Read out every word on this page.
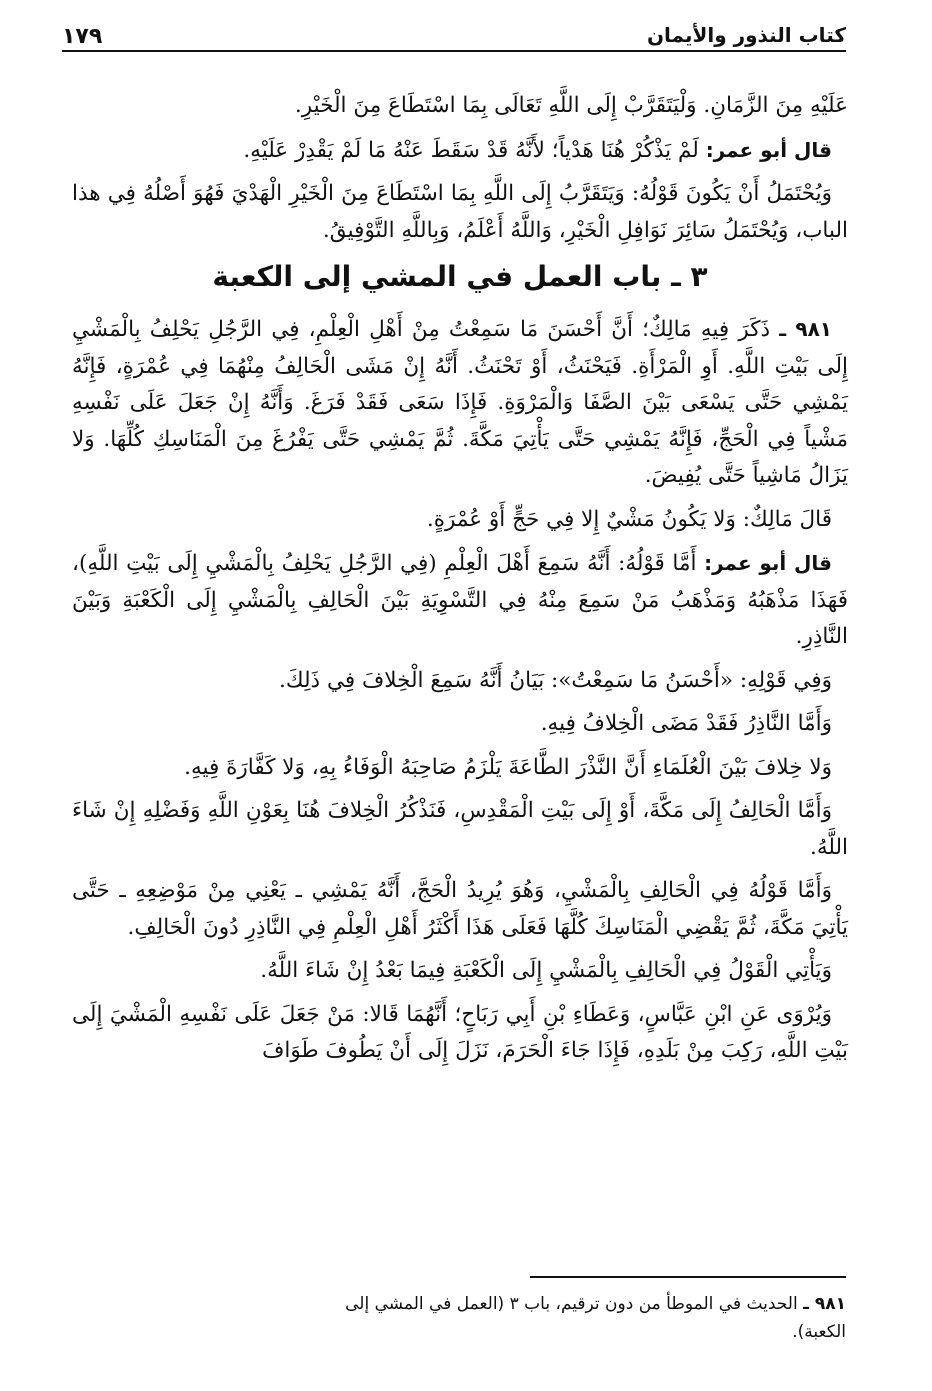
كتاب النذور والأيمان
١٧٩

عَلَيْهِ مِنَ الزَّمَانِ. وَلْيَتَقَرَّبْ إِلَى اللَّهِ تَعَالَى بِمَا اسْتَطَاعَ مِنَ الْخَيْرِ.

قال أبو عمر: لَمْ يَذْكُرْ هُنَا هَدْياً؛ لأَنَّهُ قَدْ سَقَطَ عَنْهُ مَا لَمْ يَقْدِرْ عَلَيْهِ.

وَيُحْتَمَلُ أَنْ يَكُونَ قَوْلُهُ: وَيَتَقَرَّبُ إِلَى اللَّهِ بِمَا اسْتَطَاعَ مِنَ الْخَيْرِ الْهَدْيَ فَهُوَ أَصْلُهُ فِي هذا الباب، وَيُحْتَمَلُ سَائِرَ نَوَافِلِ الْخَيْرِ، وَاللَّهُ أَعْلَمُ، وَبِاللَّهِ التَّوْفِيقُ.

٣ ـ باب العمل في المشي إلى الكعبة

٩٨١ ـ ذَكَرَ فِيهِ مَالِكٌ؛ أَنَّ أَحْسَنَ مَا سَمِعْتُ مِنْ أَهْلِ الْعِلْمِ، فِي الرَّجُلِ يَحْلِفُ بِالْمَشْيِ إِلَى بَيْتِ اللَّهِ. أَوِ الْمَرْأَةِ. فَيَحْنَثُ، أَوْ تَحْنَثُ. أَنَّهُ إِنْ مَشَى الْحَالِفُ مِنْهُمَا فِي عُمْرَةٍ، فَإِنَّهُ يَمْشِي حَتَّى يَسْعَى بَيْنَ الصَّفَا وَالْمَرْوَةِ. فَإِذَا سَعَى فَقَدْ فَرَغَ. وَأَنَّهُ إِنْ جَعَلَ عَلَى نَفْسِهِ مَشْياً فِي الْحَجِّ، فَإِنَّهُ يَمْشِي حَتَّى يَأْتِيَ مَكَّةَ. ثُمَّ يَمْشِي حَتَّى يَفْرُغَ مِنَ الْمَنَاسِكِ كُلِّهَا. وَلا يَزَالُ مَاشِياً حَتَّى يُفِيضَ.

قَالَ مَالِكٌ: وَلا يَكُونُ مَشْيٌ إِلا فِي حَجٍّ أَوْ عُمْرَةٍ.

قال أبو عمر: أَمَّا قَوْلُهُ: أَنَّهُ سَمِعَ أَهْلَ الْعِلْمِ (فِي الرَّجُلِ يَحْلِفُ بِالْمَشْيِ إِلَى بَيْتِ اللَّهِ)، فَهَذَا مَذْهَبُهُ وَمَذْهَبُ مَنْ سَمِعَ مِنْهُ فِي التَّسْوِيَةِ بَيْنَ الْحَالِفِ بِالْمَشْيِ إِلَى الْكَعْبَةِ وَبَيْنَ النَّاذِرِ.

وَفِي قَوْلِهِ: «أَحْسَنُ مَا سَمِعْتُ»: بَيَانُ أَنَّهُ سَمِعَ الْخِلافَ فِي ذَلِكَ.

وَأَمَّا النَّاذِرُ فَقَدْ مَضَى الْخِلافُ فِيهِ.

وَلا خِلافَ بَيْنَ الْعُلَمَاءِ أَنَّ النَّذْرَ الطَّاعَةَ يَلْزَمُ صَاحِبَهُ الْوَفَاءُ بِهِ، وَلا كَفَّارَةَ فِيهِ.

وَأَمَّا الْحَالِفُ إِلَى مَكَّةَ، أَوْ إِلَى بَيْتِ الْمَقْدِسِ، فَنَذْكُرُ الْخِلافَ هُنَا بِعَوْنِ اللَّهِ وَفَضْلِهِ إِنْ شَاءَ اللَّهُ.

وَأَمَّا قَوْلُهُ فِي الْحَالِفِ بِالْمَشْيِ، وَهُوَ يُرِيدُ الْحَجَّ، أَنَّهُ يَمْشِي ـ يَعْنِي مِنْ مَوْضِعِهِ ـ حَتَّى يَأْتِيَ مَكَّةَ، ثُمَّ يَقْضِي الْمَنَاسِكَ كُلَّهَا فَعَلَى هَذَا أَكْثَرُ أَهْلِ الْعِلْمِ فِي النَّاذِرِ دُونَ الْحَالِفِ.

وَيَأْتِي الْقَوْلُ فِي الْحَالِفِ بِالْمَشْيِ إِلَى الْكَعْبَةِ فِيمَا بَعْدُ إِنْ شَاءَ اللَّهُ.

وَيُرْوَى عَنِ ابْنِ عَبَّاسٍ، وَعَطَاءِ بْنِ أَبِي رَبَاحٍ؛ أَنَّهُمَا قَالا: مَنْ جَعَلَ عَلَى نَفْسِهِ الْمَشْيَ إِلَى بَيْتِ اللَّهِ، رَكِبَ مِنْ بَلَدِهِ، فَإِذَا جَاءَ الْحَرَمَ، نَزَلَ إِلَى أَنْ يَطُوفَ طَوَافَ

٩٨١ ـ الحديث في الموطأ من دون ترقيم، باب ٣ (العمل في المشي إلى الكعبة).
